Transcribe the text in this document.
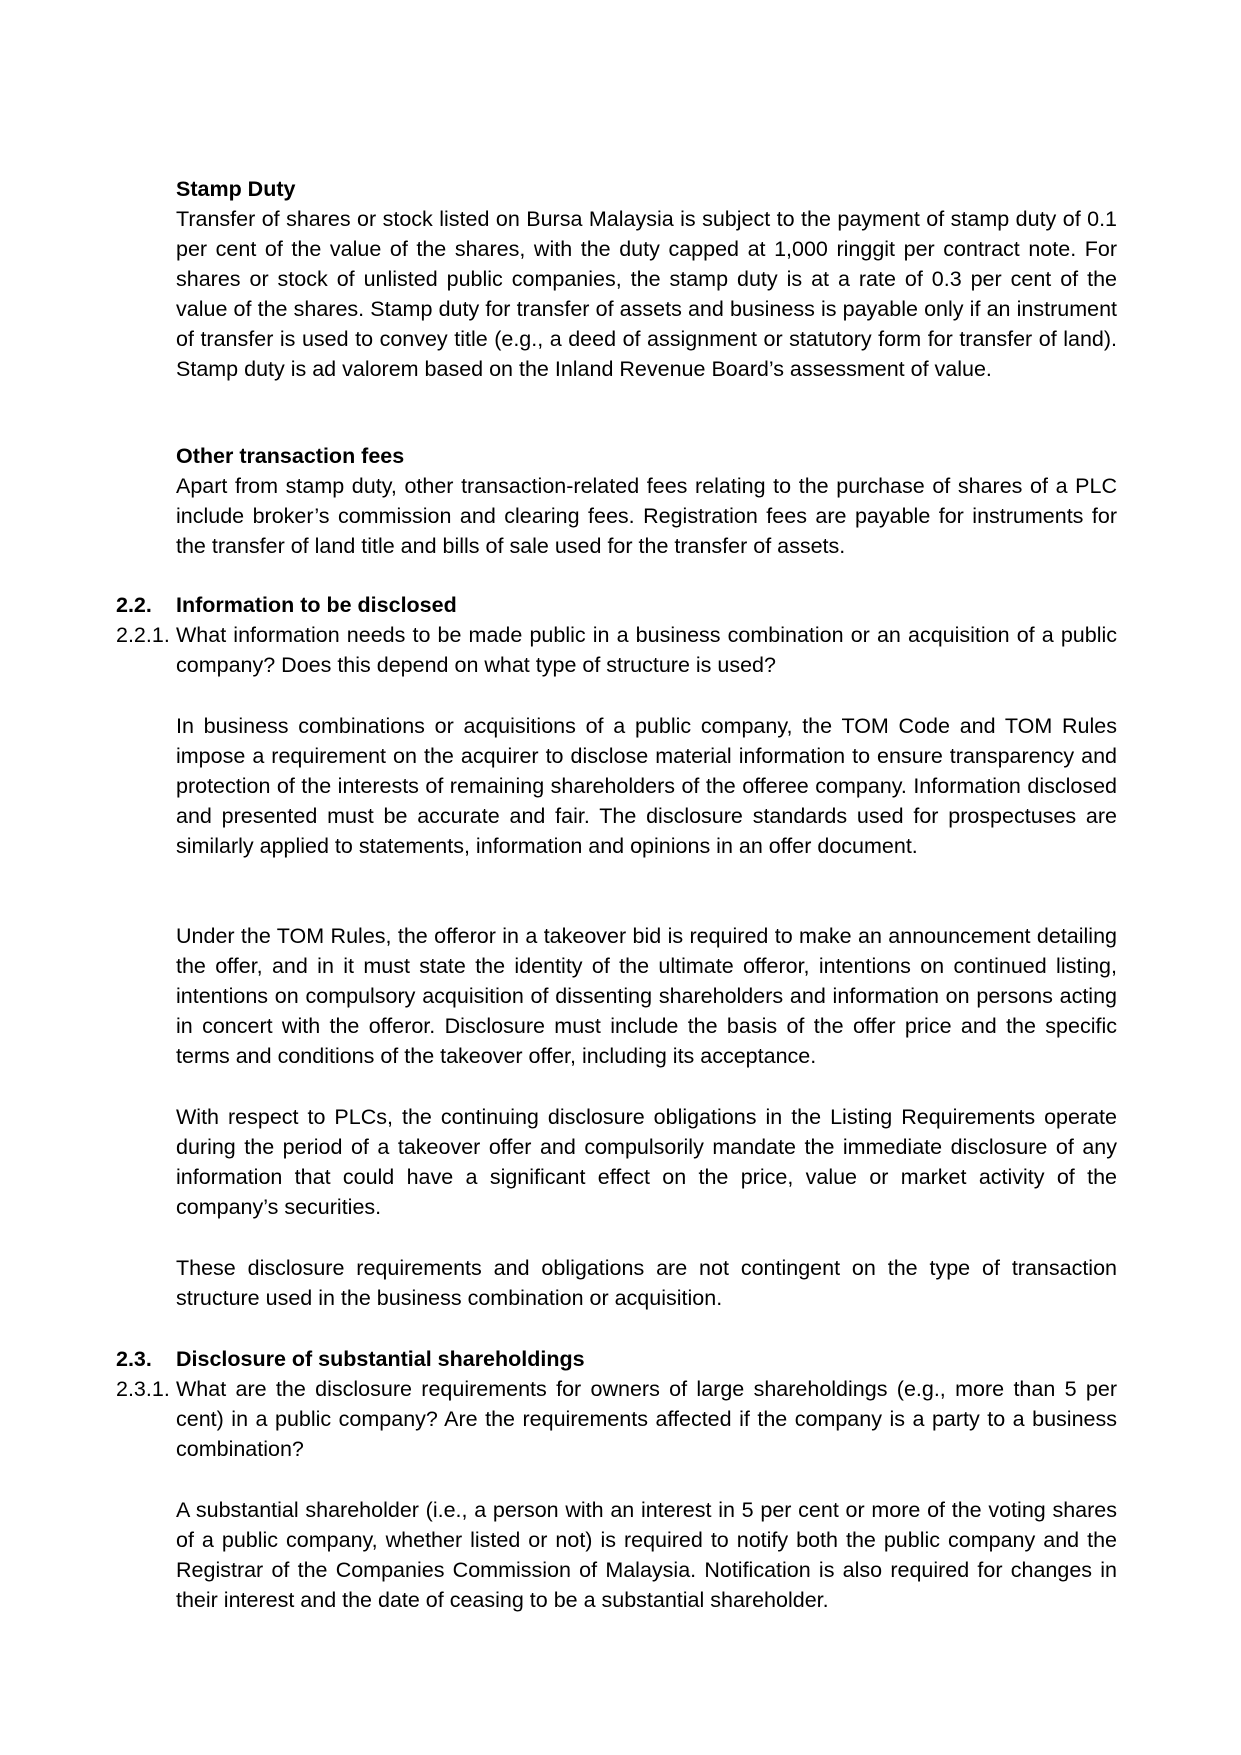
Stamp Duty

Transfer of shares or stock listed on Bursa Malaysia is subject to the payment of stamp duty of 0.1 per cent of the value of the shares, with the duty capped at 1,000 ringgit per contract note. For shares or stock of unlisted public companies, the stamp duty is at a rate of 0.3 per cent of the value of the shares. Stamp duty for transfer of assets and business is payable only if an instrument of transfer is used to convey title (e.g., a deed of assignment or statutory form for transfer of land). Stamp duty is ad valorem based on the Inland Revenue Board’s assessment of value.

Other transaction fees

Apart from stamp duty, other transaction-related fees relating to the purchase of shares of a PLC include broker’s commission and clearing fees. Registration fees are payable for instruments for the transfer of land title and bills of sale used for the transfer of assets.

2.2. Information to be disclosed
2.2.1. What information needs to be made public in a business combination or an acquisition of a public company? Does this depend on what type of structure is used?

In business combinations or acquisitions of a public company, the TOM Code and TOM Rules impose a requirement on the acquirer to disclose material information to ensure transparency and protection of the interests of remaining shareholders of the offeree company. Information disclosed and presented must be accurate and fair. The disclosure standards used for prospectuses are similarly applied to statements, information and opinions in an offer document.

Under the TOM Rules, the offeror in a takeover bid is required to make an announcement detailing the offer, and in it must state the identity of the ultimate offeror, intentions on continued listing, intentions on compulsory acquisition of dissenting shareholders and information on persons acting in concert with the offeror. Disclosure must include the basis of the offer price and the specific terms and conditions of the takeover offer, including its acceptance.

With respect to PLCs, the continuing disclosure obligations in the Listing Requirements operate during the period of a takeover offer and compulsorily mandate the immediate disclosure of any information that could have a significant effect on the price, value or market activity of the company’s securities.

These disclosure requirements and obligations are not contingent on the type of transaction structure used in the business combination or acquisition.

2.3. Disclosure of substantial shareholdings
2.3.1. What are the disclosure requirements for owners of large shareholdings (e.g., more than 5 per cent) in a public company? Are the requirements affected if the company is a party to a business combination?

A substantial shareholder (i.e., a person with an interest in 5 per cent or more of the voting shares of a public company, whether listed or not) is required to notify both the public company and the Registrar of the Companies Commission of Malaysia. Notification is also required for changes in their interest and the date of ceasing to be a substantial shareholder.
